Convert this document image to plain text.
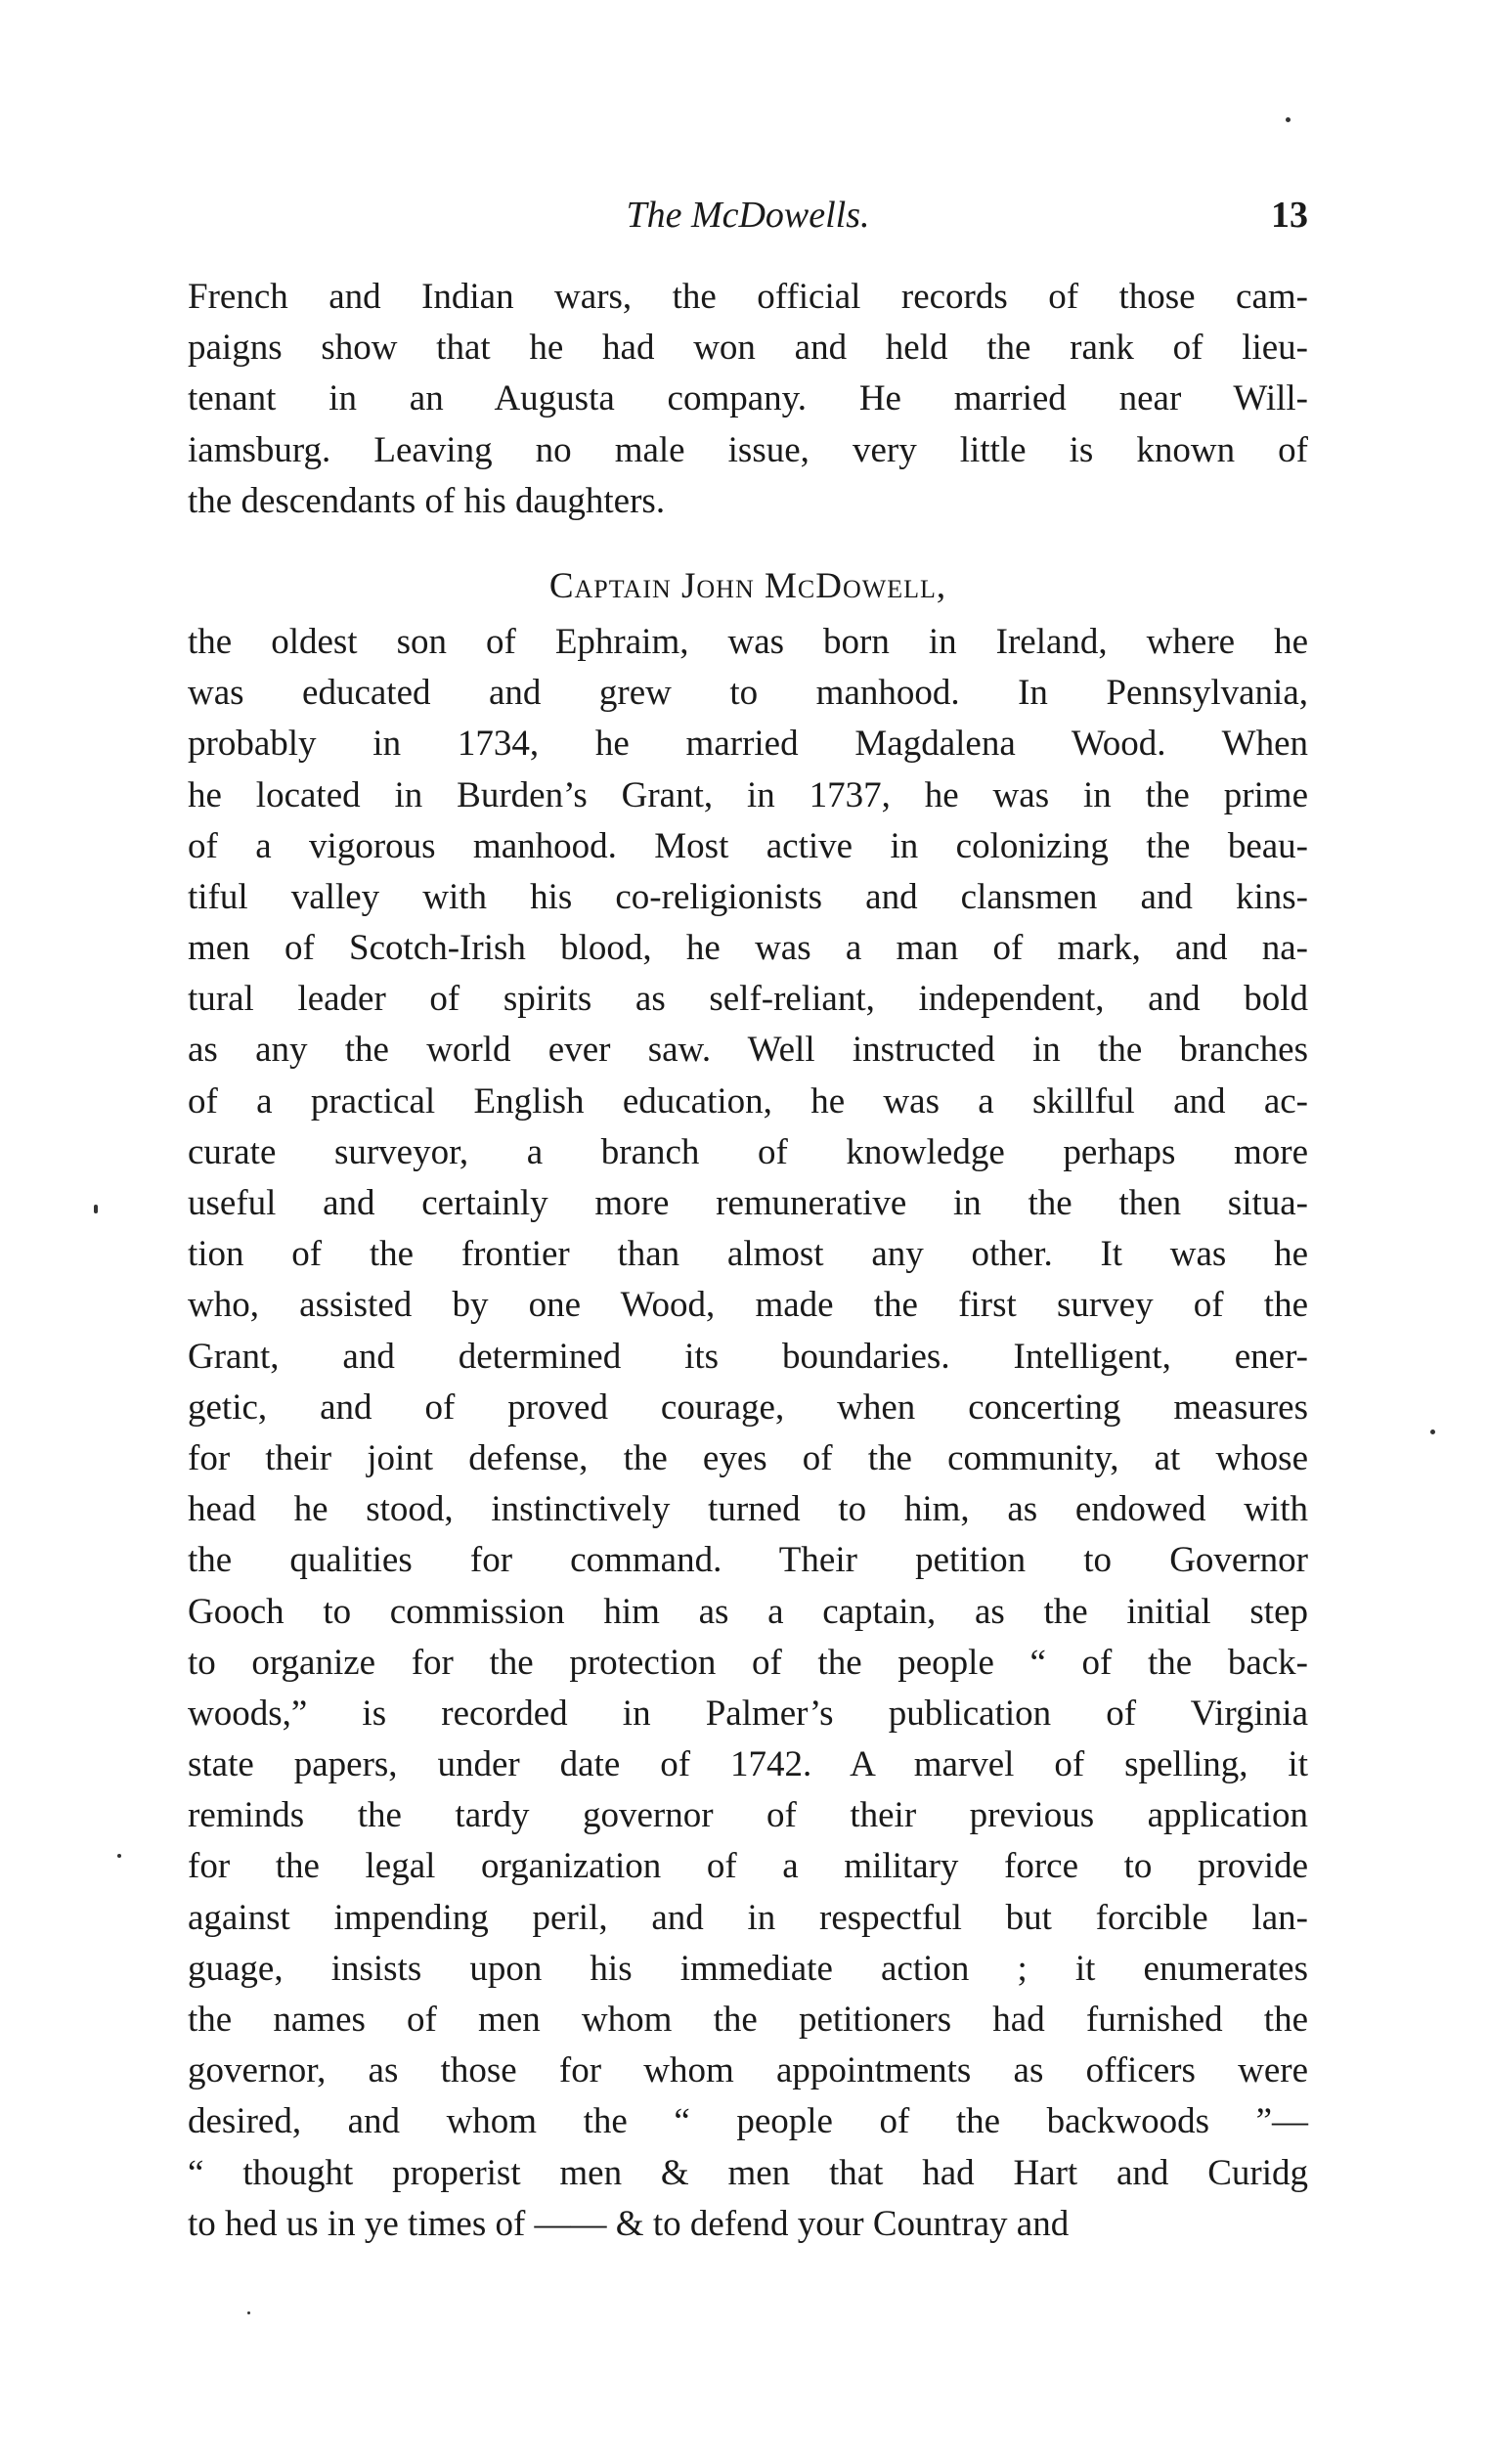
The McDowells.	13
French and Indian wars, the official records of those cam-
paigns show that he had won and held the rank of lieu-
tenant in an Augusta company. He married near Will-
iamsburg. Leaving no male issue, very little is known of
the descendants of his daughters.
Captain John McDowell,
the oldest son of Ephraim, was born in Ireland, where he
was educated and grew to manhood. In Pennsylvania,
probably in 1734, he married Magdalena Wood. When
he located in Burden’s Grant, in 1737, he was in the prime
of a vigorous manhood. Most active in colonizing the beau-
tiful valley with his co-religionists and clansmen and kins-
men of Scotch-Irish blood, he was a man of mark, and na-
tural leader of spirits as self-reliant, independent, and bold
as any the world ever saw. Well instructed in the branches
of a practical English education, he was a skillful and ac-
curate surveyor, a branch of knowledge perhaps more
useful and certainly more remunerative in the then situa-
tion of the frontier than almost any other. It was he
who, assisted by one Wood, made the first survey of the
Grant, and determined its boundaries. Intelligent, ener-
getic, and of proved courage, when concerting measures
for their joint defense, the eyes of the community, at whose
head he stood, instinctively turned to him, as endowed with
the qualities for command. Their petition to Governor
Gooch to commission him as a captain, as the initial step
to organize for the protection of the people “ of the back-
woods,” is recorded in Palmer’s publication of Virginia
state papers, under date of 1742. A marvel of spelling, it
reminds the tardy governor of their previous application
for the legal organization of a military force to provide
against impending peril, and in respectful but forcible lan-
guage, insists upon his immediate action ; it enumerates
the names of men whom the petitioners had furnished the
governor, as those for whom appointments as officers were
desired, and whom the “ people of the backwoods ”—
“ thought properist men & men that had Hart and Curidg
to hed us in ye times of —— & to defend your Countray and
